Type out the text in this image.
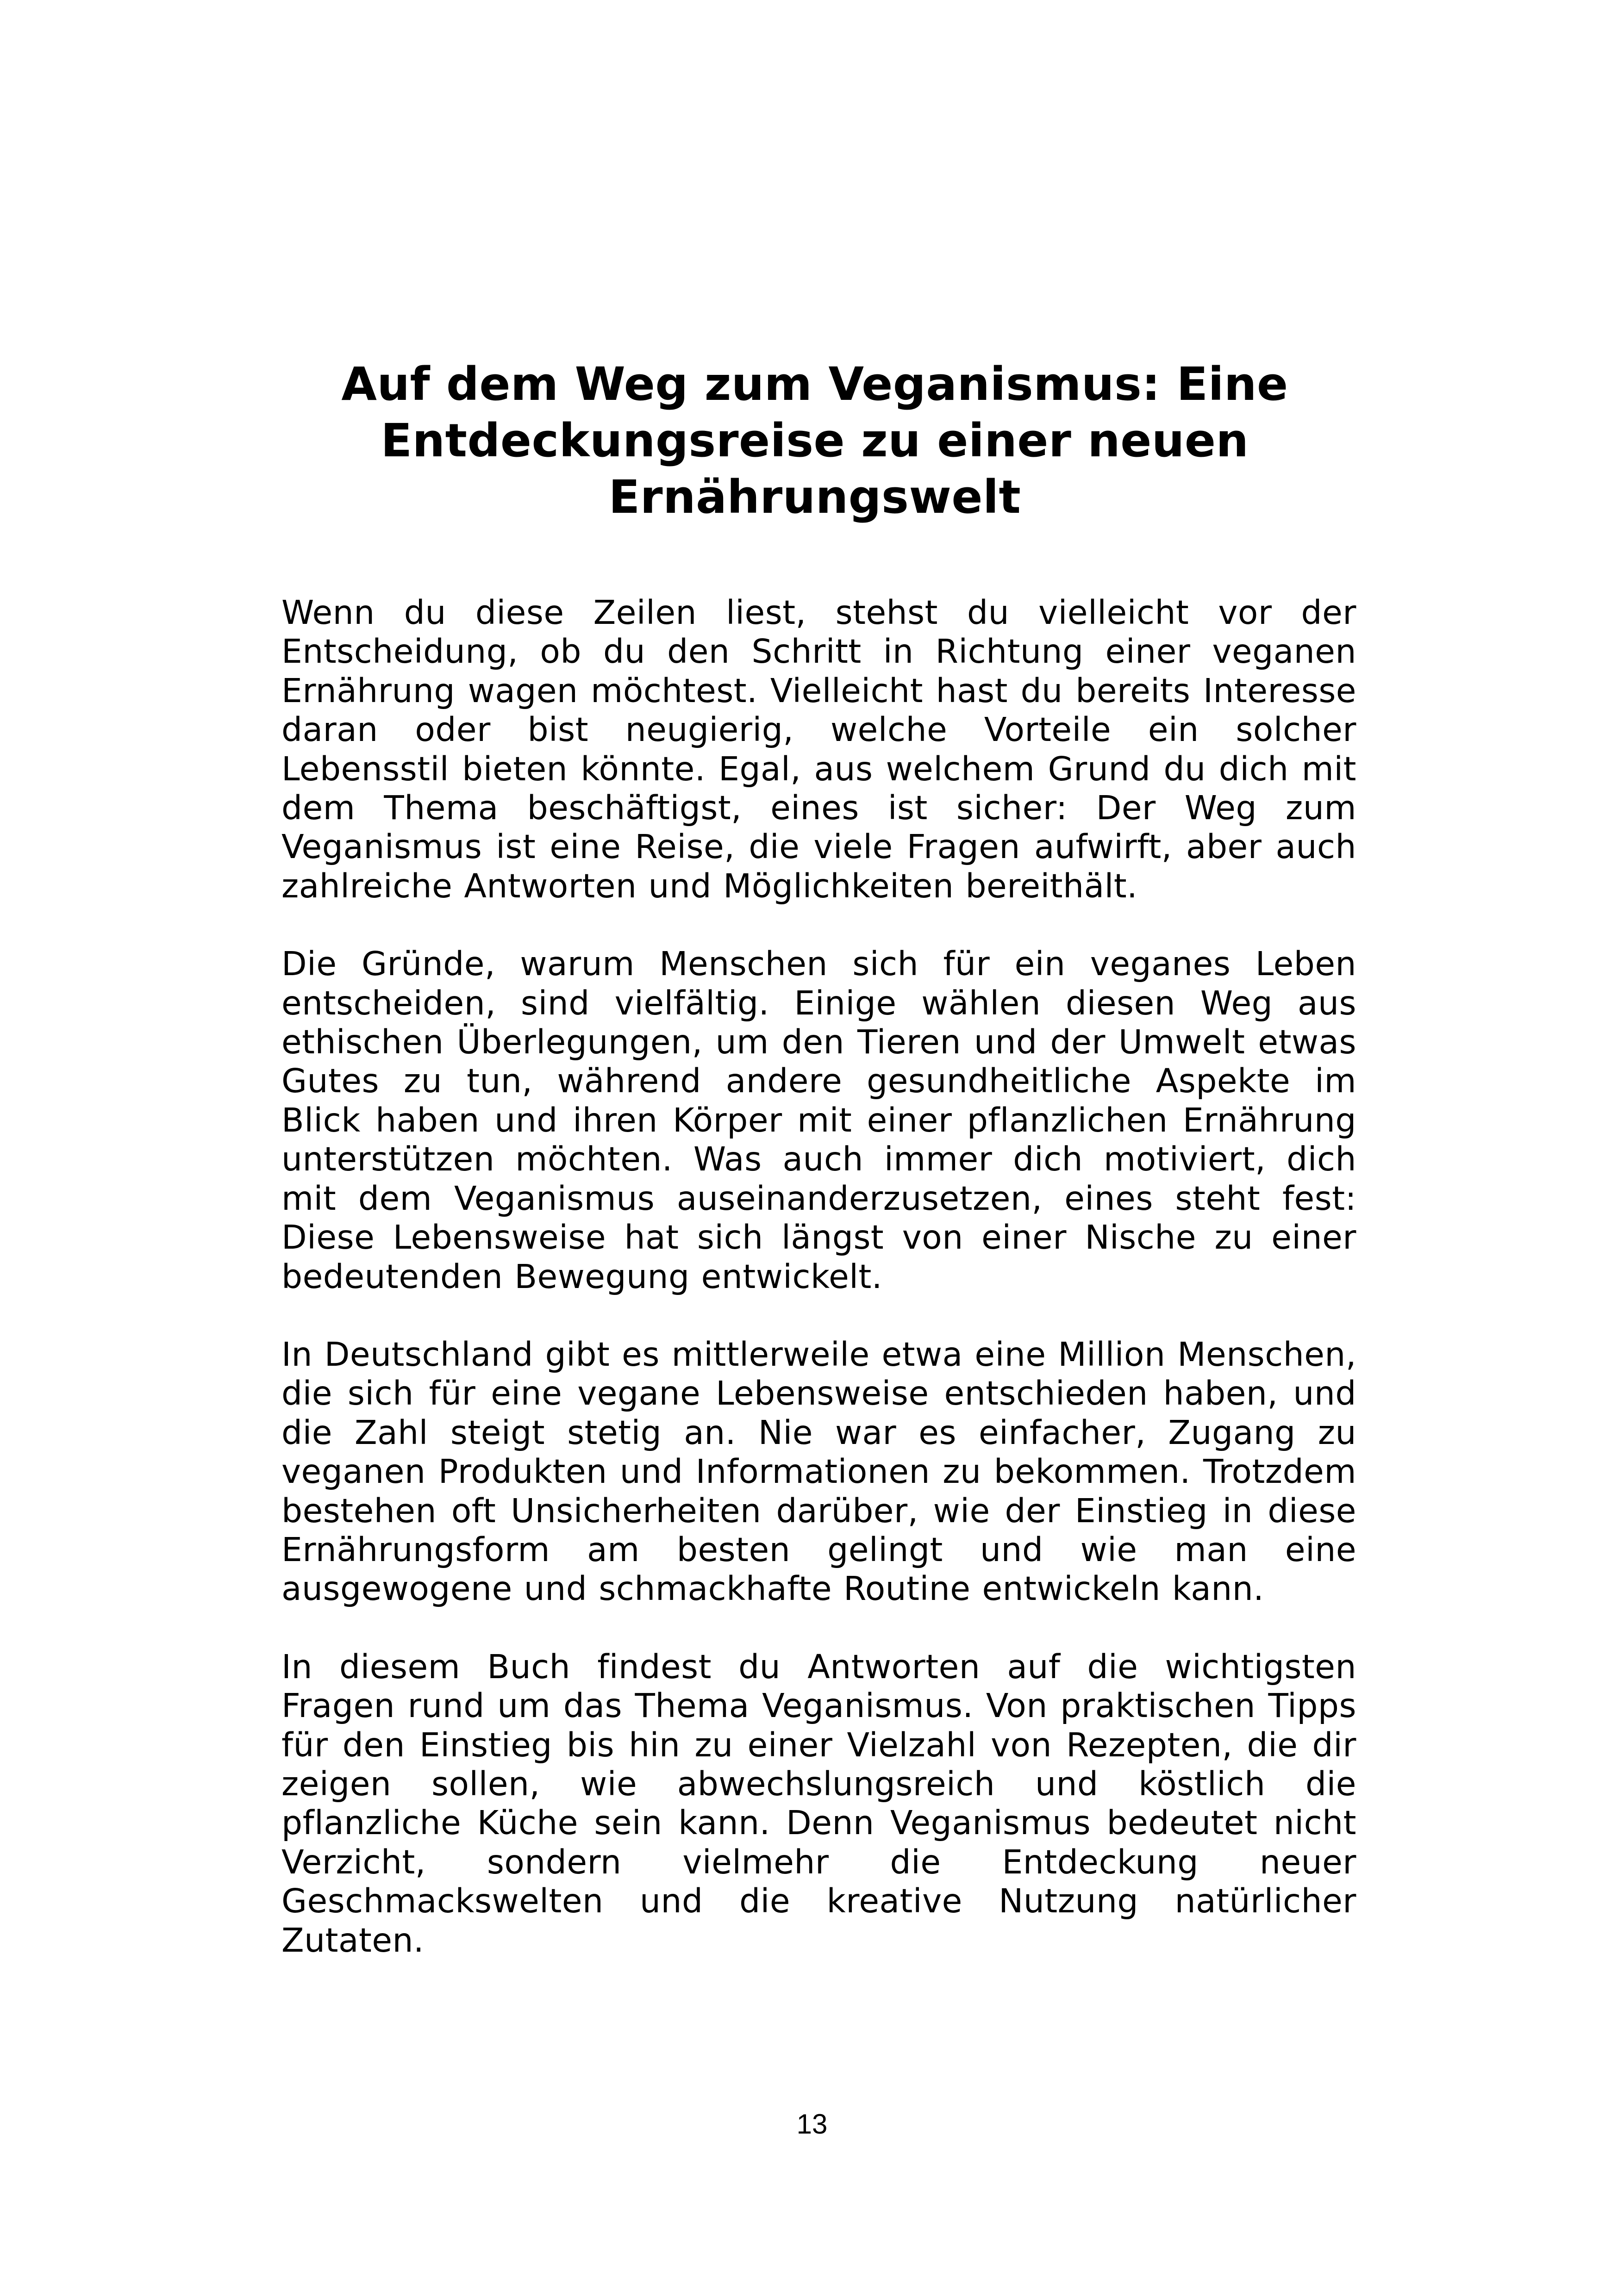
Auf dem Weg zum Veganismus: Eine
Entdeckungsreise zu einer neuen
Ernährungswelt

Wenn du diese Zeilen liest, stehst du vielleicht vor der Entscheidung, ob du den Schritt in Richtung einer veganen Ernährung wagen möchtest. Vielleicht hast du bereits Interesse daran oder bist neugierig, welche Vorteile ein solcher Lebensstil bieten könnte. Egal, aus welchem Grund du dich mit dem Thema beschäftigst, eines ist sicher: Der Weg zum Veganismus ist eine Reise, die viele Fragen aufwirft, aber auch zahlreiche Antworten und Möglichkeiten bereithält.

Die Gründe, warum Menschen sich für ein veganes Leben entscheiden, sind vielfältig. Einige wählen diesen Weg aus ethischen Überlegungen, um den Tieren und der Umwelt etwas Gutes zu tun, während andere gesundheitliche Aspekte im Blick haben und ihren Körper mit einer pflanzlichen Ernährung unterstützen möchten. Was auch immer dich motiviert, dich mit dem Veganismus auseinanderzusetzen, eines steht fest: Diese Lebensweise hat sich längst von einer Nische zu einer bedeutenden Bewegung entwickelt.

In Deutschland gibt es mittlerweile etwa eine Million Menschen, die sich für eine vegane Lebensweise entschieden haben, und die Zahl steigt stetig an. Nie war es einfacher, Zugang zu veganen Produkten und Informationen zu bekommen. Trotzdem bestehen oft Unsicherheiten darüber, wie der Einstieg in diese Ernährungsform am besten gelingt und wie man eine ausgewogene und schmackhafte Routine entwickeln kann.

In diesem Buch findest du Antworten auf die wichtigsten Fragen rund um das Thema Veganismus. Von praktischen Tipps für den Einstieg bis hin zu einer Vielzahl von Rezepten, die dir zeigen sollen, wie abwechslungsreich und köstlich die pflanzliche Küche sein kann. Denn Veganismus bedeutet nicht Verzicht, sondern vielmehr die Entdeckung neuer Geschmackswelten und die kreative Nutzung natürlicher Zutaten.

13
